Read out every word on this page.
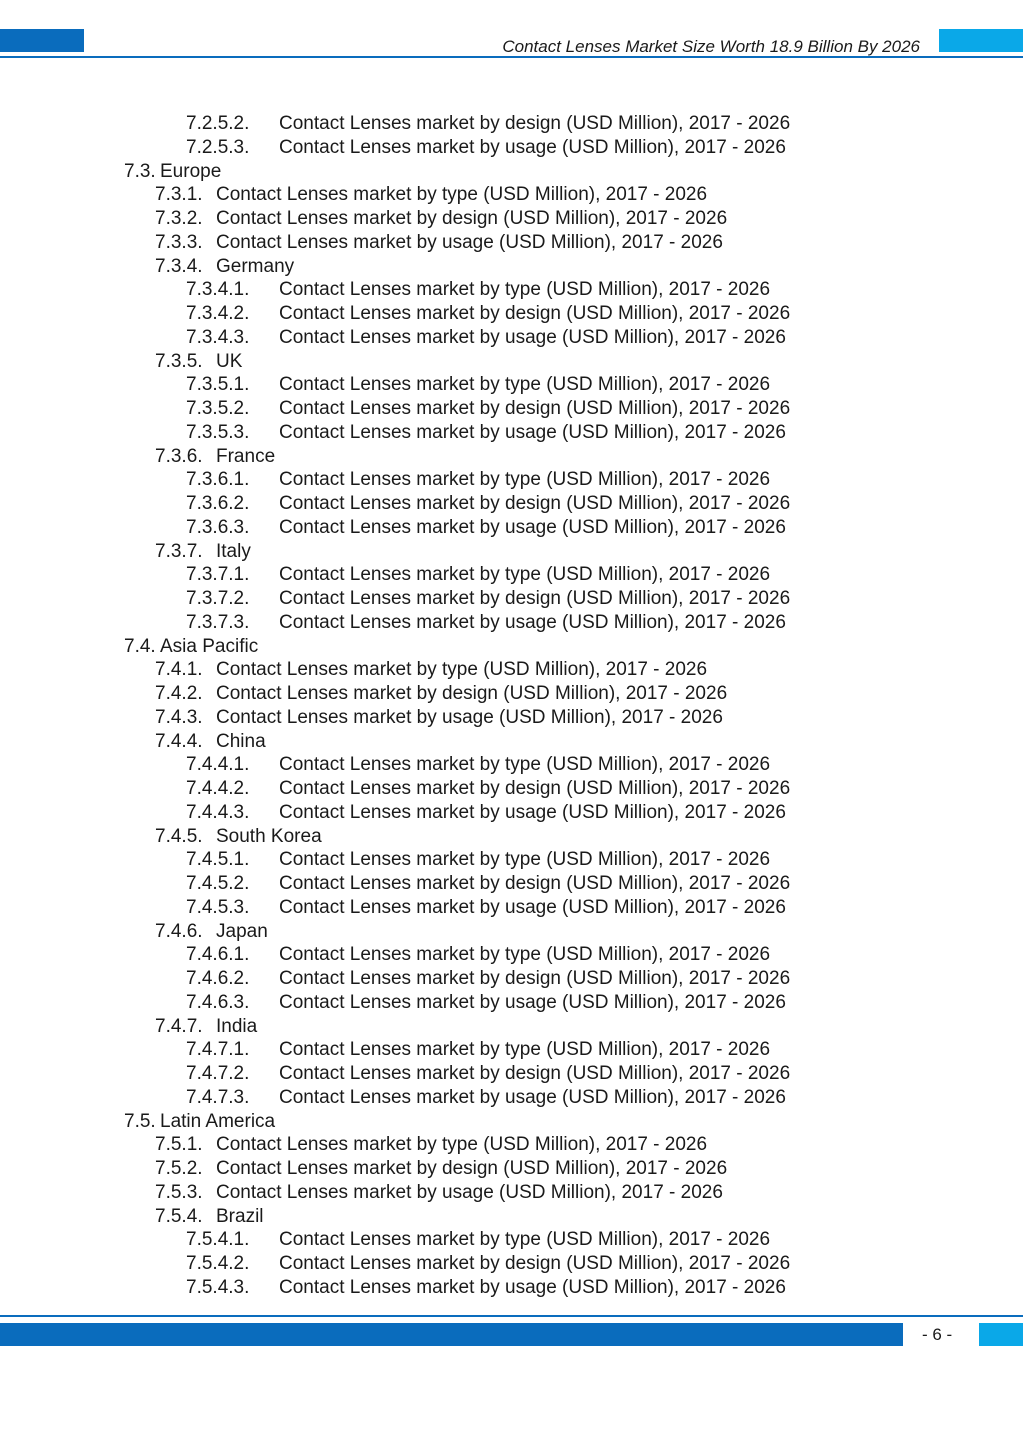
Contact Lenses Market Size Worth 18.9 Billion By 2026
7.2.5.2. Contact Lenses market by design (USD Million), 2017 - 2026
7.2.5.3. Contact Lenses market by usage (USD Million), 2017 - 2026
7.3. Europe
7.3.1. Contact Lenses market by type (USD Million), 2017 - 2026
7.3.2. Contact Lenses market by design (USD Million), 2017 - 2026
7.3.3. Contact Lenses market by usage (USD Million), 2017 - 2026
7.3.4. Germany
7.3.4.1. Contact Lenses market by type (USD Million), 2017 - 2026
7.3.4.2. Contact Lenses market by design (USD Million), 2017 - 2026
7.3.4.3. Contact Lenses market by usage (USD Million), 2017 - 2026
7.3.5. UK
7.3.5.1. Contact Lenses market by type (USD Million), 2017 - 2026
7.3.5.2. Contact Lenses market by design (USD Million), 2017 - 2026
7.3.5.3. Contact Lenses market by usage (USD Million), 2017 - 2026
7.3.6. France
7.3.6.1. Contact Lenses market by type (USD Million), 2017 - 2026
7.3.6.2. Contact Lenses market by design (USD Million), 2017 - 2026
7.3.6.3. Contact Lenses market by usage (USD Million), 2017 - 2026
7.3.7. Italy
7.3.7.1. Contact Lenses market by type (USD Million), 2017 - 2026
7.3.7.2. Contact Lenses market by design (USD Million), 2017 - 2026
7.3.7.3. Contact Lenses market by usage (USD Million), 2017 - 2026
7.4. Asia Pacific
7.4.1. Contact Lenses market by type (USD Million), 2017 - 2026
7.4.2. Contact Lenses market by design (USD Million), 2017 - 2026
7.4.3. Contact Lenses market by usage (USD Million), 2017 - 2026
7.4.4. China
7.4.4.1. Contact Lenses market by type (USD Million), 2017 - 2026
7.4.4.2. Contact Lenses market by design (USD Million), 2017 - 2026
7.4.4.3. Contact Lenses market by usage (USD Million), 2017 - 2026
7.4.5. South Korea
7.4.5.1. Contact Lenses market by type (USD Million), 2017 - 2026
7.4.5.2. Contact Lenses market by design (USD Million), 2017 - 2026
7.4.5.3. Contact Lenses market by usage (USD Million), 2017 - 2026
7.4.6. Japan
7.4.6.1. Contact Lenses market by type (USD Million), 2017 - 2026
7.4.6.2. Contact Lenses market by design (USD Million), 2017 - 2026
7.4.6.3. Contact Lenses market by usage (USD Million), 2017 - 2026
7.4.7. India
7.4.7.1. Contact Lenses market by type (USD Million), 2017 - 2026
7.4.7.2. Contact Lenses market by design (USD Million), 2017 - 2026
7.4.7.3. Contact Lenses market by usage (USD Million), 2017 - 2026
7.5. Latin America
7.5.1. Contact Lenses market by type (USD Million), 2017 - 2026
7.5.2. Contact Lenses market by design (USD Million), 2017 - 2026
7.5.3. Contact Lenses market by usage (USD Million), 2017 - 2026
7.5.4. Brazil
7.5.4.1. Contact Lenses market by type (USD Million), 2017 - 2026
7.5.4.2. Contact Lenses market by design (USD Million), 2017 - 2026
7.5.4.3. Contact Lenses market by usage (USD Million), 2017 - 2026
- 6 -
